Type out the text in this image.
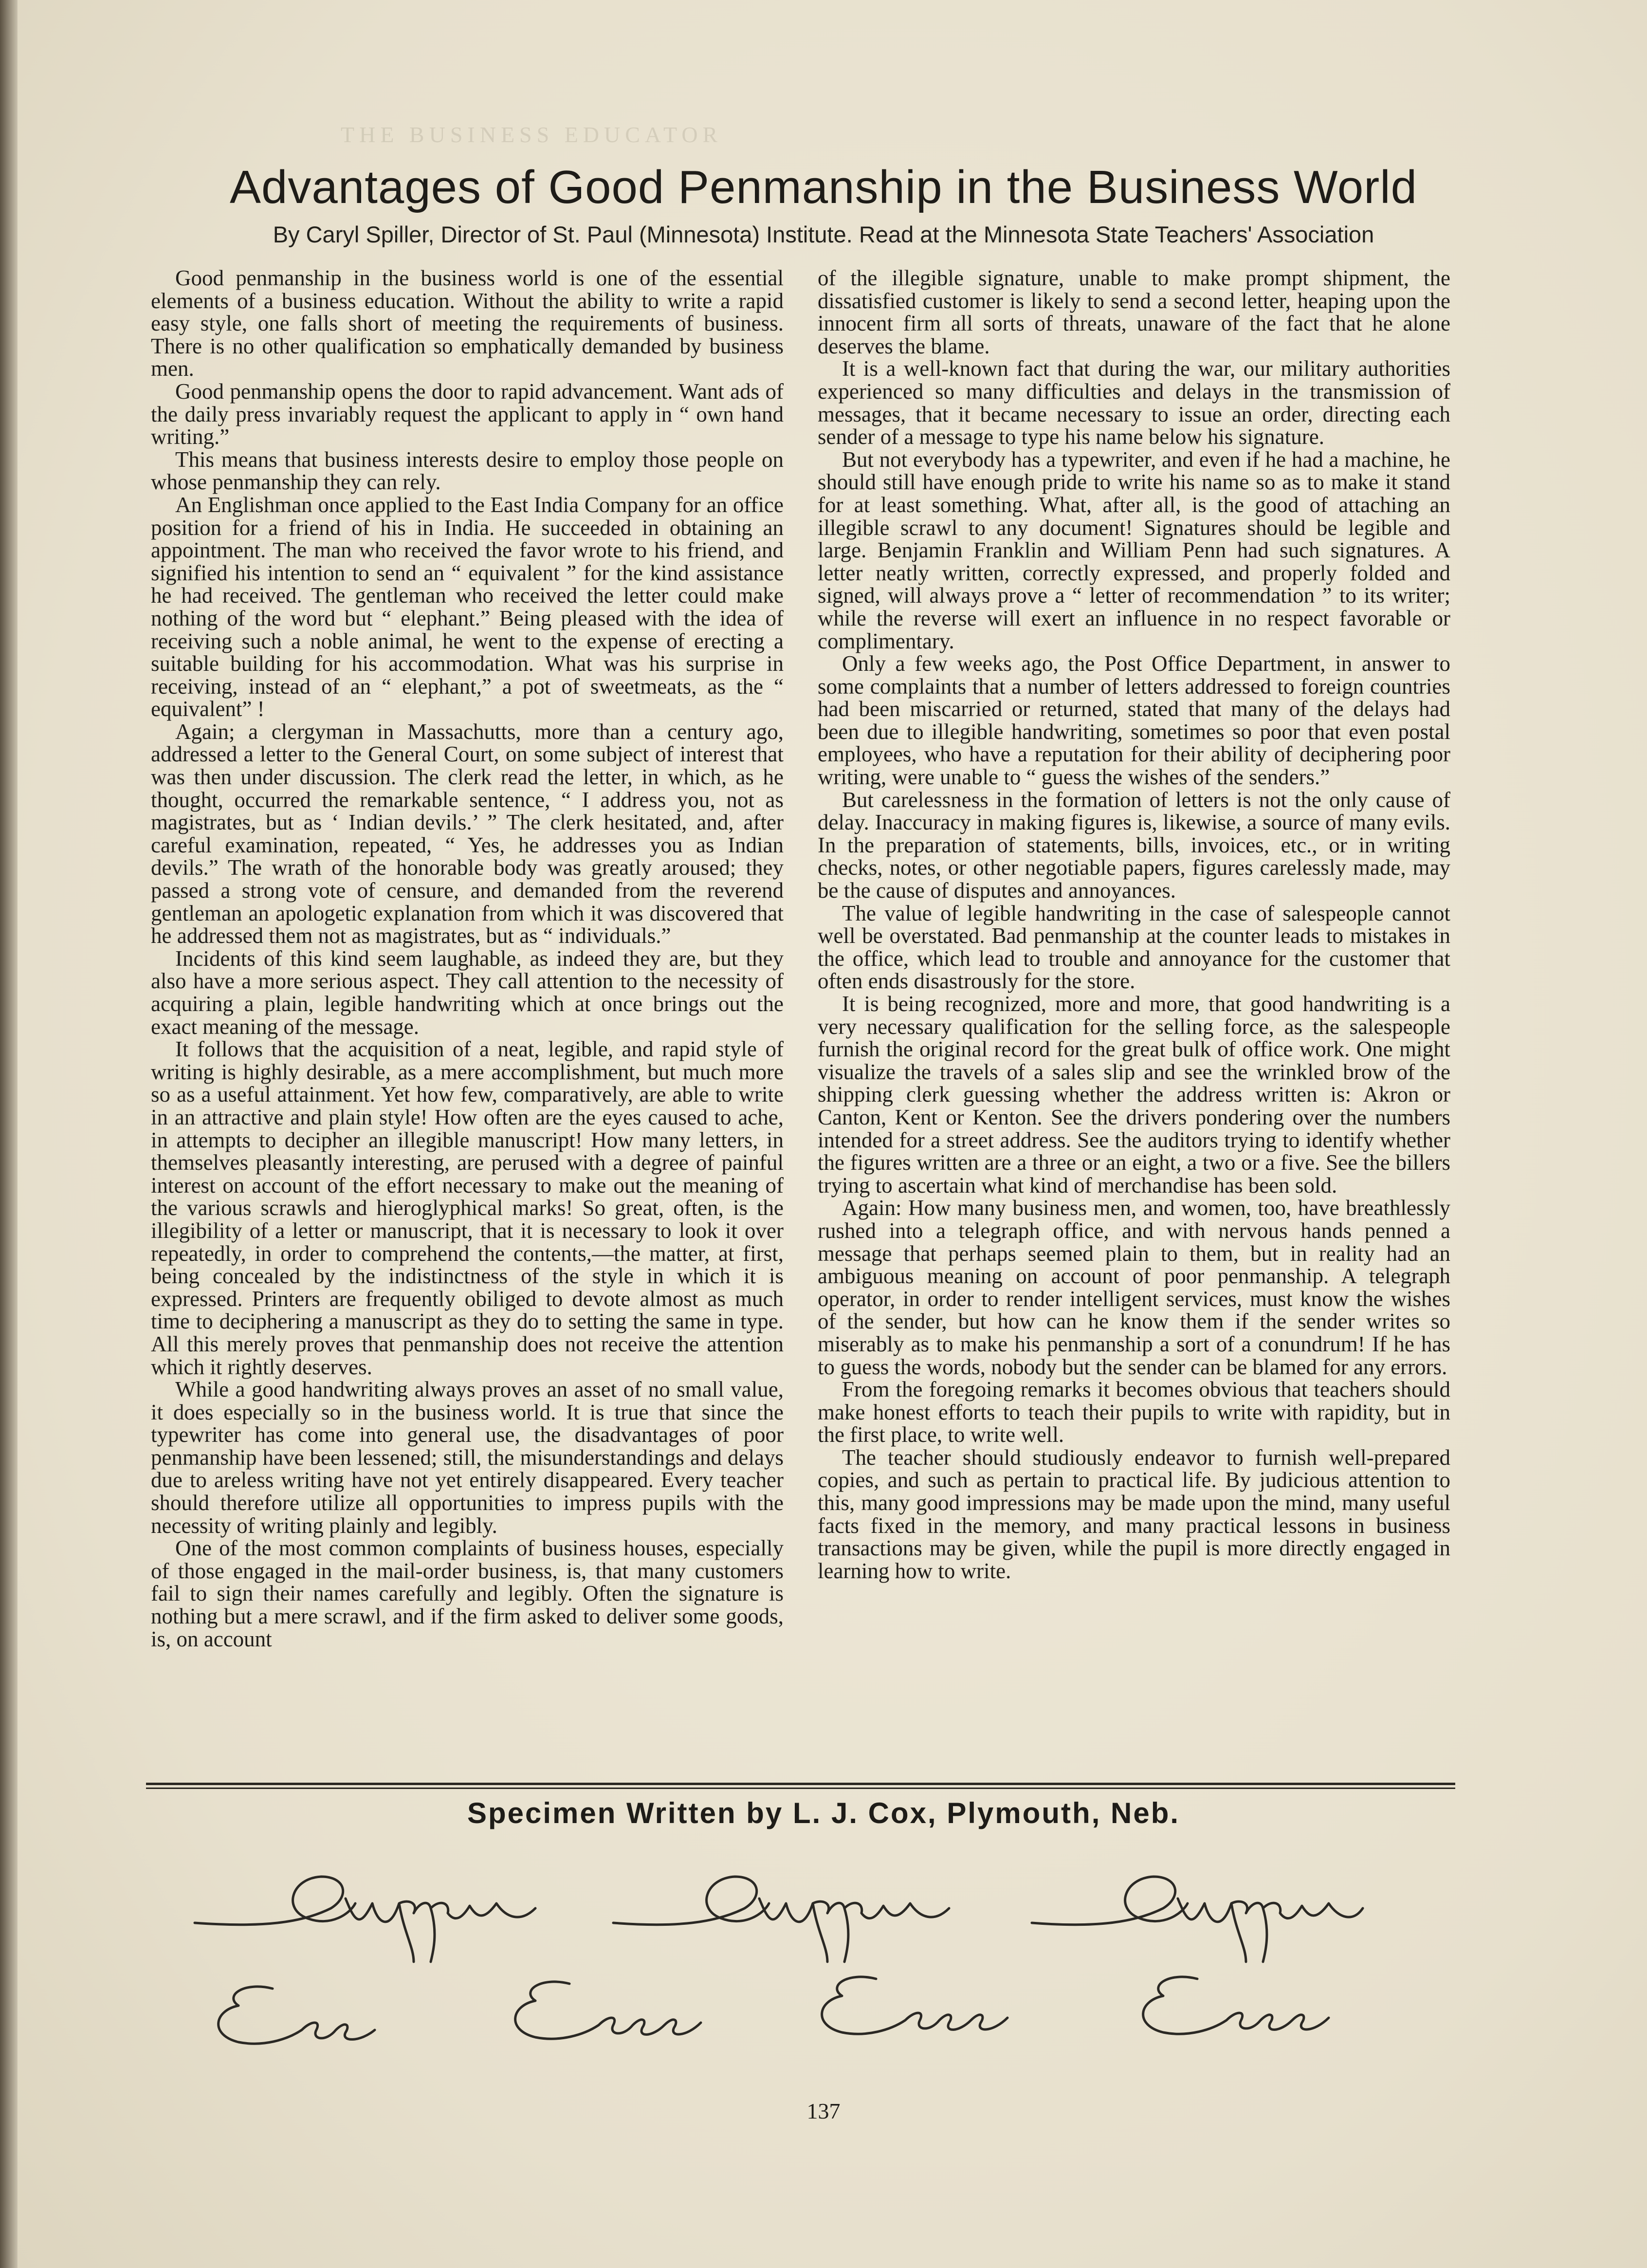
THE BUSINESS EDUCATOR
Advantages of Good Penmanship in the Business World
By Caryl Spiller, Director of St. Paul (Minnesota) Institute. Read at the Minnesota State Teachers' Association

Good penmanship in the business world is one of the essential elements of a business education. Without the ability to write a rapid easy style, one falls short of meeting the requirements of business. There is no other qualification so emphatically demanded by business men.

Good penmanship opens the door to rapid advancement. Want ads of the daily press invariably request the applicant to apply in “ own hand writing.”

This means that business interests desire to employ those people on whose penmanship they can rely.

An Englishman once applied to the East India Company for an office position for a friend of his in India. He succeeded in obtaining an appointment. The man who received the favor wrote to his friend, and signified his intention to send an “ equivalent ” for the kind assistance he had received. The gentleman who received the letter could make nothing of the word but “ elephant.” Being pleased with the idea of receiving such a noble animal, he went to the expense of erecting a suitable building for his accommodation. What was his surprise in receiving, instead of an “ elephant,” a pot of sweetmeats, as the “ equivalent” !

Again; a clergyman in Massachutts, more than a century ago, addressed a letter to the General Court, on some subject of interest that was then under discussion. The clerk read the letter, in which, as he thought, occurred the remarkable sentence, “ I address you, not as magistrates, but as ‘ Indian devils.’ ” The clerk hesitated, and, after careful examination, repeated, “ Yes, he addresses you as Indian devils.” The wrath of the honorable body was greatly aroused; they passed a strong vote of censure, and demanded from the reverend gentleman an apologetic explanation from which it was discovered that he addressed them not as magistrates, but as “ individuals.”

Incidents of this kind seem laughable, as indeed they are, but they also have a more serious aspect. They call attention to the necessity of acquiring a plain, legible handwriting which at once brings out the exact meaning of the message.

It follows that the acquisition of a neat, legible, and rapid style of writing is highly desirable, as a mere accomplishment, but much more so as a useful attainment. Yet how few, comparatively, are able to write in an attractive and plain style! How often are the eyes caused to ache, in attempts to decipher an illegible manuscript! How many letters, in themselves pleasantly interesting, are perused with a degree of painful interest on account of the effort necessary to make out the meaning of the various scrawls and hieroglyphical marks! So great, often, is the illegibility of a letter or manuscript, that it is necessary to look it over repeatedly, in order to comprehend the contents,—the matter, at first, being concealed by the indistinctness of the style in which it is expressed. Printers are frequently obiliged to devote almost as much time to deciphering a manuscript as they do to setting the same in type. All this merely proves that penmanship does not receive the attention which it rightly deserves.

While a good handwriting always proves an asset of no small value, it does especially so in the business world. It is true that since the typewriter has come into general use, the disadvantages of poor penmanship have been lessened; still, the misunderstandings and delays due to areless writing have not yet entirely disappeared. Every teacher should therefore utilize all opportunities to impress pupils with the necessity of writing plainly and legibly.

One of the most common complaints of business houses, especially of those engaged in the mail-order business, is, that many customers fail to sign their names carefully and legibly. Often the signature is nothing but a mere scrawl, and if the firm asked to deliver some goods, is, on account

of the illegible signature, unable to make prompt shipment, the dissatisfied customer is likely to send a second letter, heaping upon the innocent firm all sorts of threats, unaware of the fact that he alone deserves the blame.

It is a well-known fact that during the war, our military authorities experienced so many difficulties and delays in the transmission of messages, that it became necessary to issue an order, directing each sender of a message to type his name below his signature.

But not everybody has a typewriter, and even if he had a machine, he should still have enough pride to write his name so as to make it stand for at least something. What, after all, is the good of attaching an illegible scrawl to any document! Signatures should be legible and large. Benjamin Franklin and William Penn had such signatures. A letter neatly written, correctly expressed, and properly folded and signed, will always prove a “ letter of recommendation ” to its writer; while the reverse will exert an influence in no respect favorable or complimentary.

Only a few weeks ago, the Post Office Department, in answer to some complaints that a number of letters addressed to foreign countries had been miscarried or returned, stated that many of the delays had been due to illegible handwriting, sometimes so poor that even postal employees, who have a reputation for their ability of deciphering poor writing, were unable to “ guess the wishes of the senders.”

But carelessness in the formation of letters is not the only cause of delay. Inaccuracy in making figures is, likewise, a source of many evils. In the preparation of statements, bills, invoices, etc., or in writing checks, notes, or other negotiable papers, figures carelessly made, may be the cause of disputes and annoyances.

The value of legible handwriting in the case of salespeople cannot well be overstated. Bad penmanship at the counter leads to mistakes in the office, which lead to trouble and annoyance for the customer that often ends disastrously for the store.

It is being recognized, more and more, that good handwriting is a very necessary qualification for the selling force, as the salespeople furnish the original record for the great bulk of office work. One might visualize the travels of a sales slip and see the wrinkled brow of the shipping clerk guessing whether the address written is: Akron or Canton, Kent or Kenton. See the drivers pondering over the numbers intended for a street address. See the auditors trying to identify whether the figures written are a three or an eight, a two or a five. See the billers trying to ascertain what kind of merchandise has been sold.

Again: How many business men, and women, too, have breathlessly rushed into a telegraph office, and with nervous hands penned a message that perhaps seemed plain to them, but in reality had an ambiguous meaning on account of poor penmanship. A telegraph operator, in order to render intelligent services, must know the wishes of the sender, but how can he know them if the sender writes so miserably as to make his penmanship a sort of a conundrum! If he has to guess the words, nobody but the sender can be blamed for any errors.

From the foregoing remarks it becomes obvious that teachers should make honest efforts to teach their pupils to write with rapidity, but in the first place, to write well.

The teacher should studiously endeavor to furnish well-prepared copies, and such as pertain to practical life. By judicious attention to this, many good impressions may be made upon the mind, many useful facts fixed in the memory, and many practical lessons in business transactions may be given, while the pupil is more directly engaged in learning how to write.

Specimen Written by L. J. Cox, Plymouth, Neb.
137
